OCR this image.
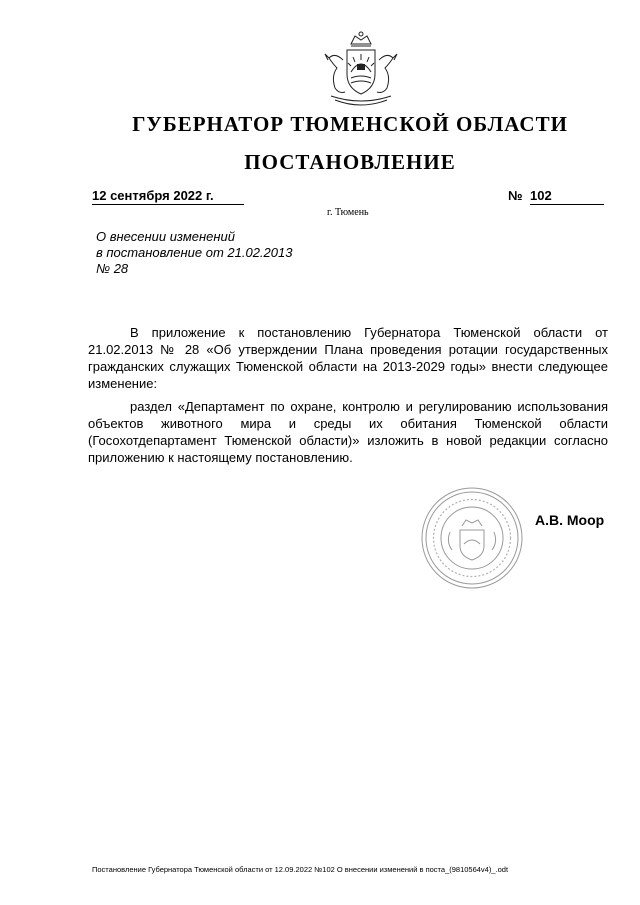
ГУБЕРНАТОР ТЮМЕНСКОЙ ОБЛАСТИ
ПОСТАНОВЛЕНИЕ
12 сентября 2022 г.	№ 102
г. Тюмень
О внесении изменений
в постановление от 21.02.2013
№ 28
В приложение к постановлению Губернатора Тюменской области от 21.02.2013 № 28 «Об утверждении Плана проведения ротации государственных гражданских служащих Тюменской области на 2013-2029 годы» внести следующее изменение:
раздел «Департамент по охране, контролю и регулированию использования объектов животного мира и среды их обитания Тюменской области (Госохотдепартамент Тюменской области)» изложить в новой редакции согласно приложению к настоящему постановлению.
А.В. Моор
Постановление Губернатора Тюменской области от 12.09.2022 №102 О внесении изменений в поста_(9810564v4)_.odt
